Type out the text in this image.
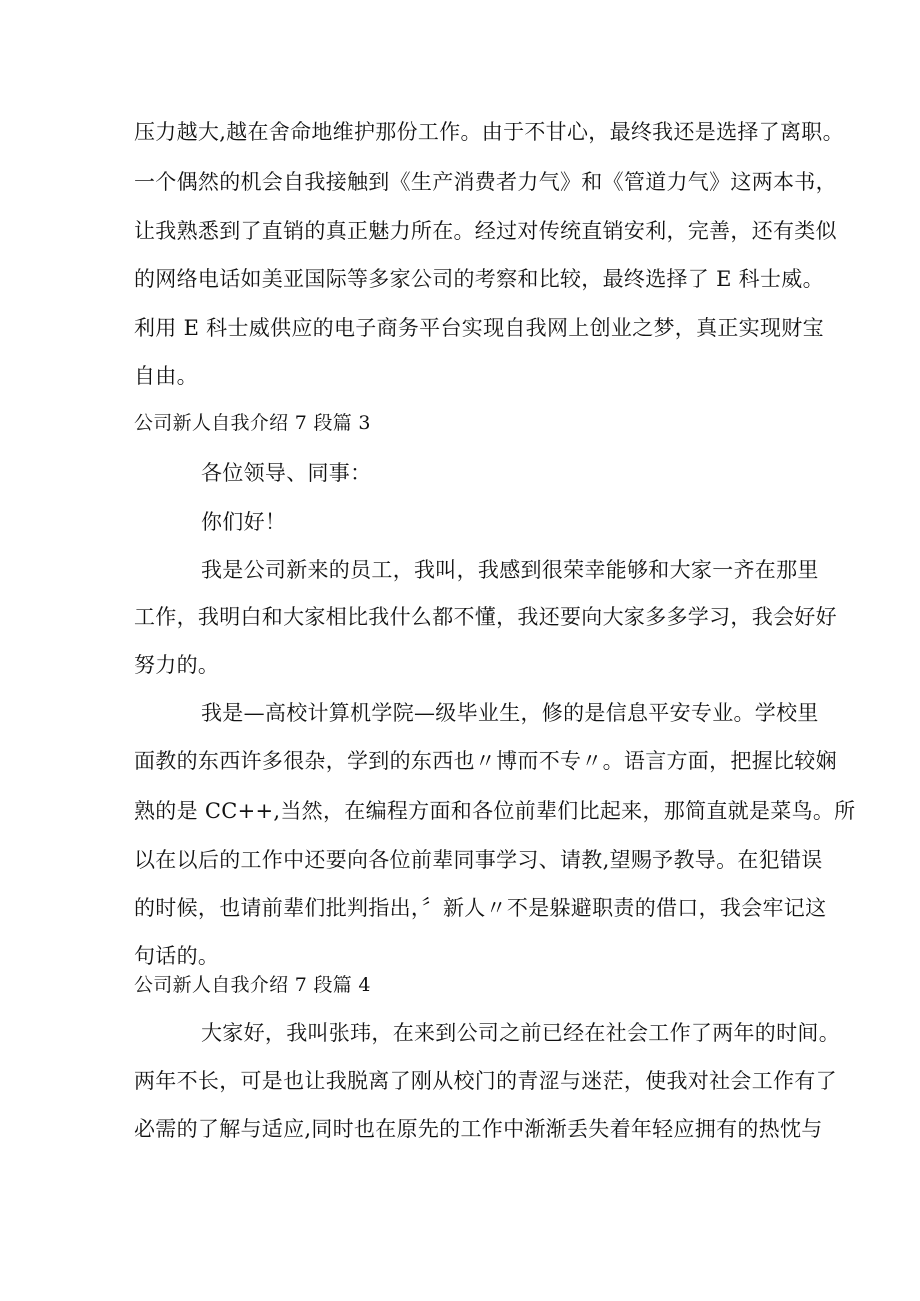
压力越大,越在舍命地维护那份工作。由于不甘心，最终我还是选择了离职。
一个偶然的机会自我接触到《生产消费者力气》和《管道力气》这两本书，
让我熟悉到了直销的真正魅力所在。经过对传统直销安利，完善，还有类似
的网络电话如美亚国际等多家公司的考察和比较，最终选择了 E 科士威。
利用 E 科士威供应的电子商务平台实现自我网上创业之梦，真正实现财宝
自由。
公司新人自我介绍 7 段篇 3
各位领导、同事：
你们好！
我是公司新来的员工，我叫，我感到很荣幸能够和大家一齐在那里
工作，我明白和大家相比我什么都不懂，我还要向大家多多学习，我会好好
努力的。
我是—高校计算机学院—级毕业生，修的是信息平安专业。学校里
面教的东西许多很杂，学到的东西也〃博而不专〃。语言方面，把握比较娴
熟的是 CC++,当然，在编程方面和各位前辈们比起来，那简直就是菜鸟。所
以在以后的工作中还要向各位前辈同事学习、请教,望赐予教导。在犯错误
的时候，也请前辈们批判指出，〞新人〃不是躲避职责的借口，我会牢记这
句话的。
公司新人自我介绍 7 段篇 4
大家好，我叫张玮，在来到公司之前已经在社会工作了两年的时间。
两年不长，可是也让我脱离了刚从校门的青涩与迷茫，使我对社会工作有了
必需的了解与适应,同时也在原先的工作中渐渐丢失着年轻应拥有的热忱与
